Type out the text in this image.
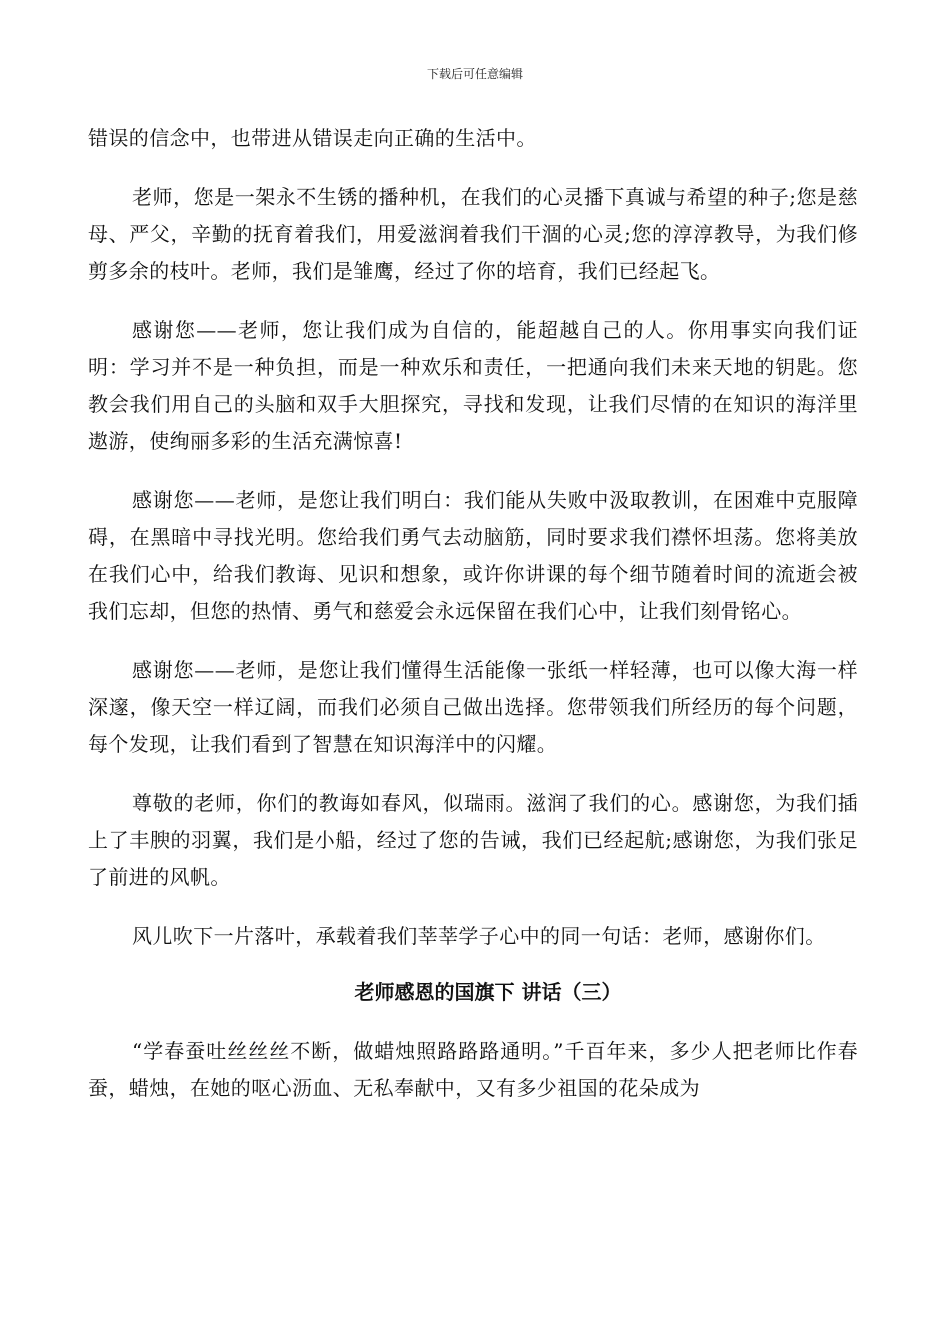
下载后可任意编辑

错误的信念中，也带进从错误走向正确的生活中。

老师，您是一架永不生锈的播种机，在我们的心灵播下真诚与希望的种子;您是慈母、严父，辛勤的抚育着我们，用爱滋润着我们干涸的心灵;您的淳淳教导，为我们修剪多余的枝叶。老师，我们是雏鹰，经过了你的培育，我们已经起飞。

感谢您——老师，您让我们成为自信的，能超越自己的人。你用事实向我们证明：学习并不是一种负担，而是一种欢乐和责任，一把通向我们未来天地的钥匙。您教会我们用自己的头脑和双手大胆探究，寻找和发现，让我们尽情的在知识的海洋里遨游，使绚丽多彩的生活充满惊喜!

感谢您——老师，是您让我们明白：我们能从失败中汲取教训，在困难中克服障碍，在黑暗中寻找光明。您给我们勇气去动脑筋，同时要求我们襟怀坦荡。您将美放在我们心中，给我们教诲、见识和想象，或许你讲课的每个细节随着时间的流逝会被我们忘却，但您的热情、勇气和慈爱会永远保留在我们心中，让我们刻骨铭心。

感谢您——老师，是您让我们懂得生活能像一张纸一样轻薄，也可以像大海一样深邃，像天空一样辽阔，而我们必须自己做出选择。您带领我们所经历的每个问题，每个发现，让我们看到了智慧在知识海洋中的闪耀。

尊敬的老师，你们的教诲如春风，似瑞雨。滋润了我们的心。感谢您，为我们插上了丰腴的羽翼，我们是小船，经过了您的告诫，我们已经起航;感谢您，为我们张足了前进的风帆。

风儿吹下一片落叶，承载着我们莘莘学子心中的同一句话：老师，感谢你们。

老师感恩的国旗下 讲话（三）

“学春蚕吐丝丝丝不断，做蜡烛照路路路通明。”千百年来，多少人把老师比作春蚕，蜡烛，在她的呕心沥血、无私奉献中，又有多少祖国的花朵成为
